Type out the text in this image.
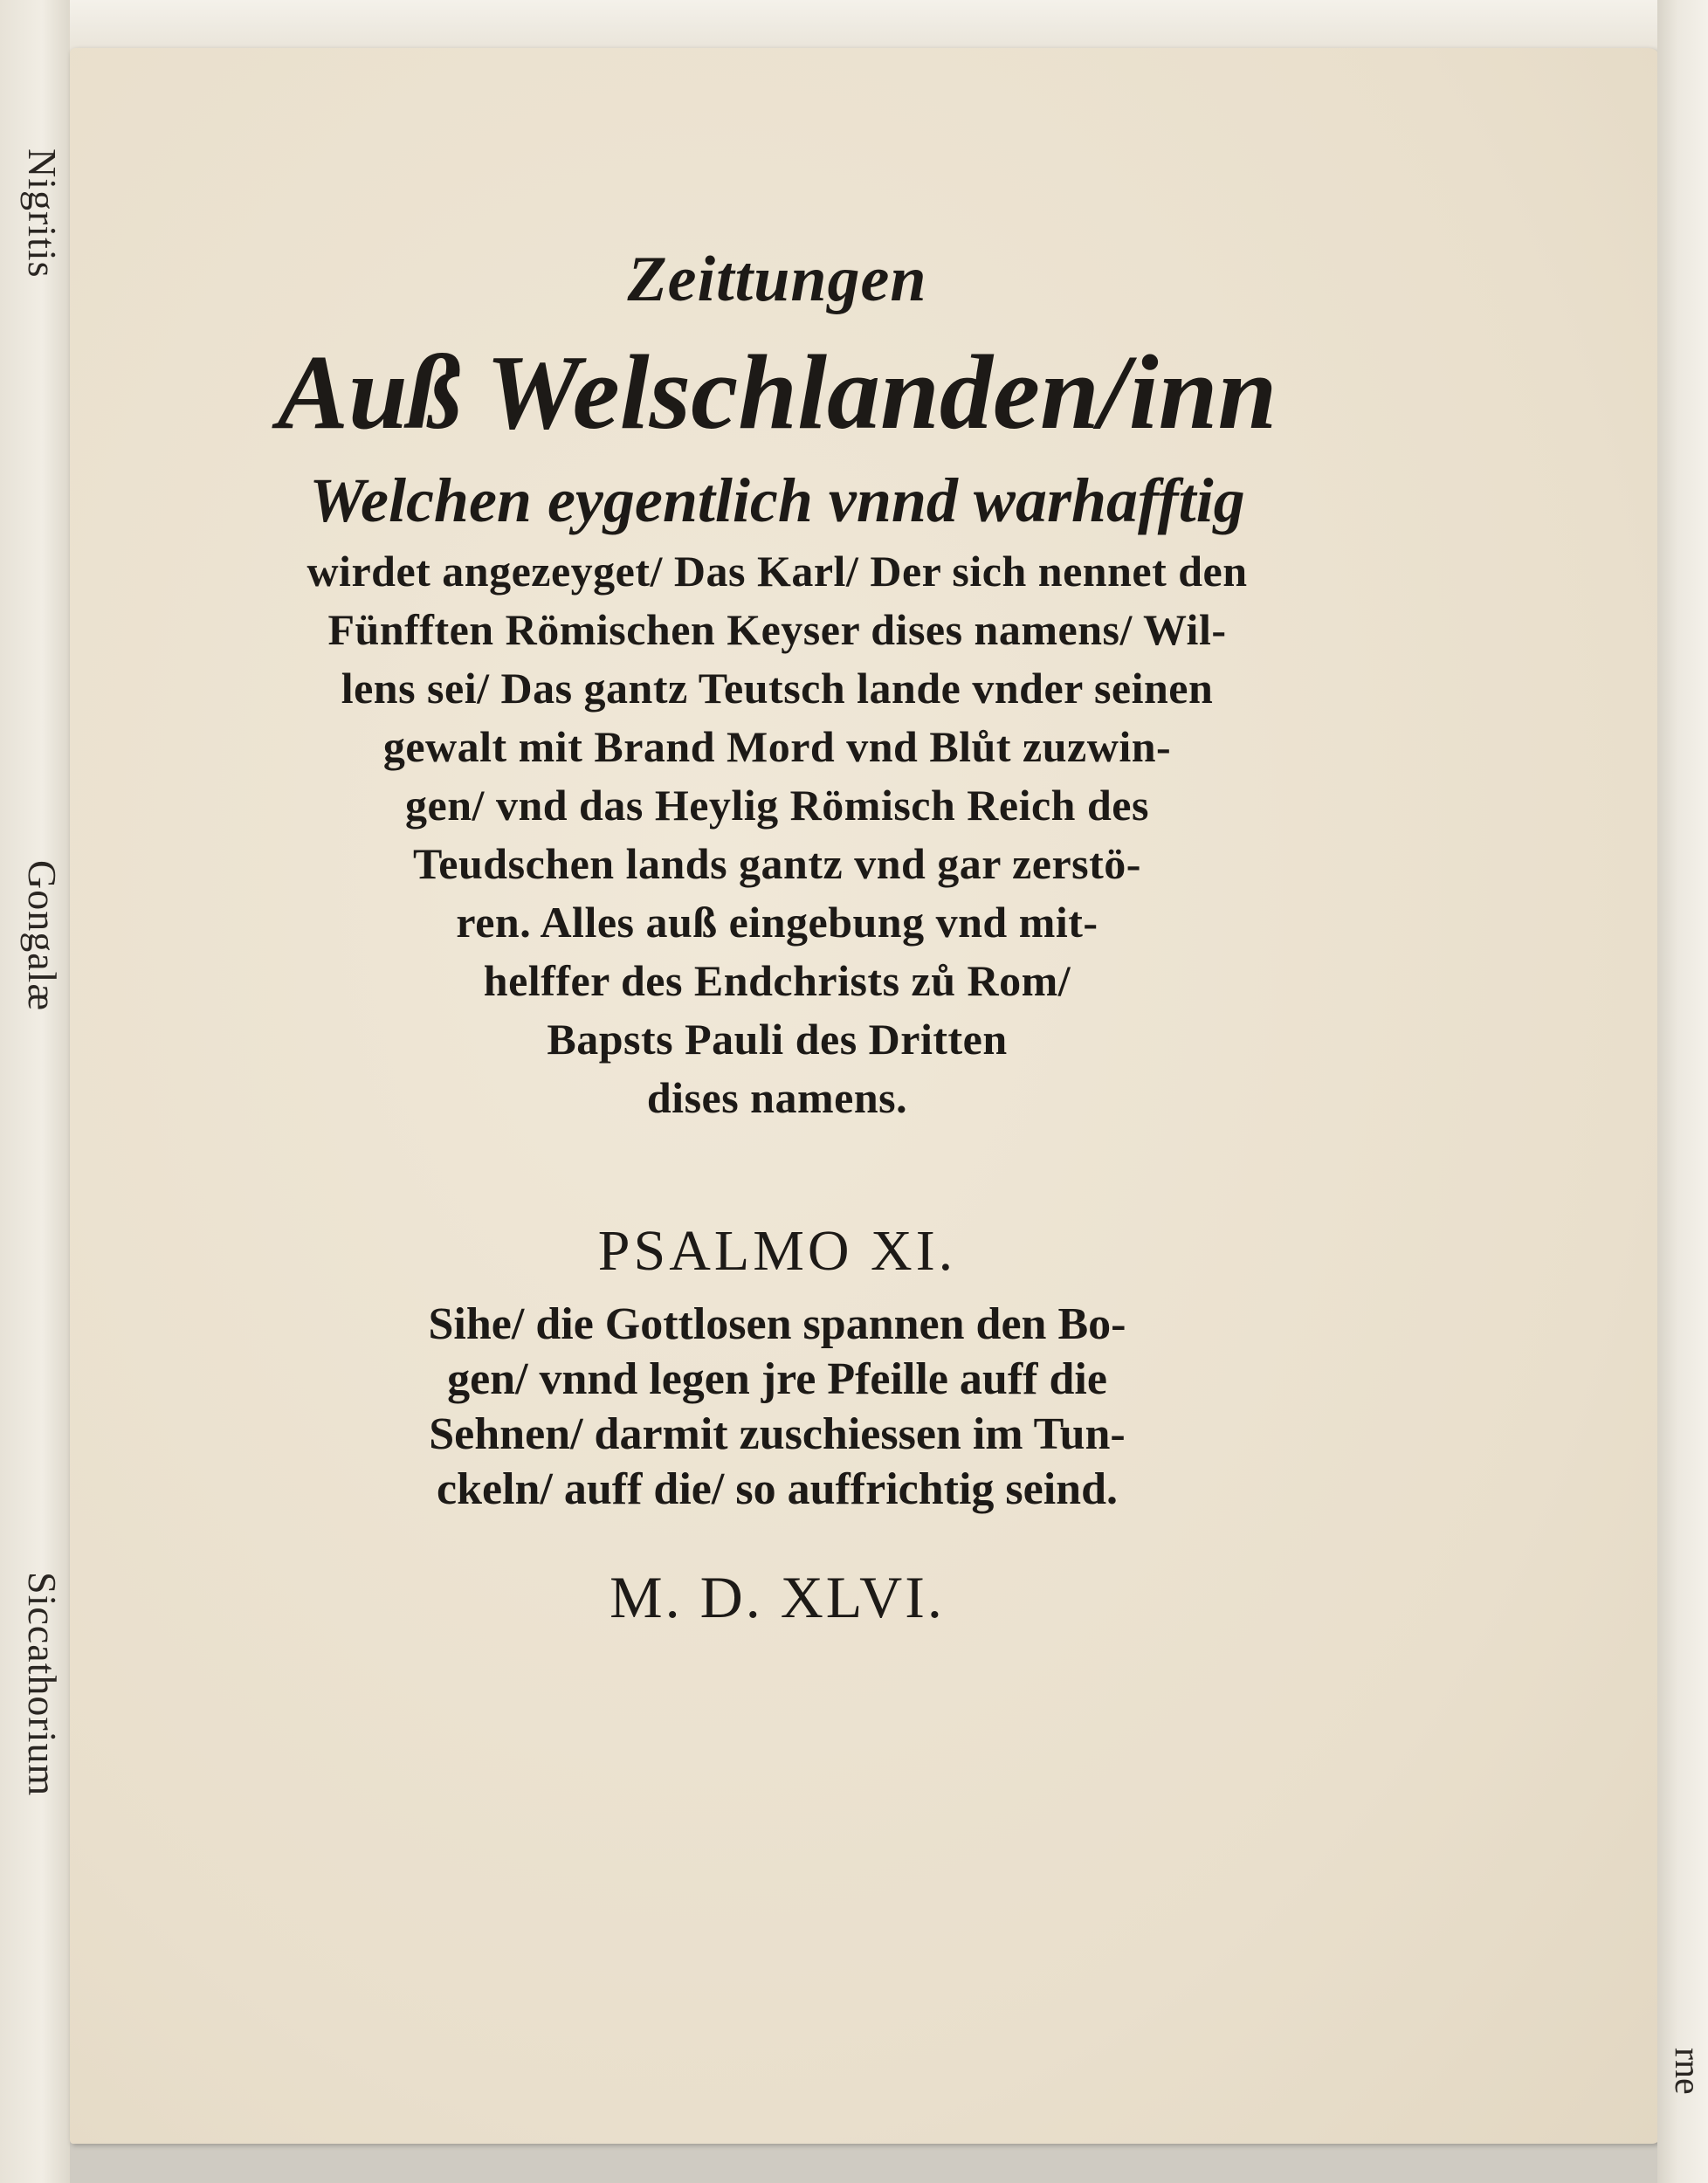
Nigritis
Gongalæ
Siccathorium

Zeittungen

Auß Welschlanden/inn

Welchen eygentlich vnnd warhafftig

wirdet angezeyget/ Das Karl/ Der sich nennet den

Fünfften Römischen Keyser dises namens/ Wil-

lens sei/ Das gantz Teutsch lande vnder seinen

gewalt mit Brand Mord vnd Blůt zuzwin-

gen/ vnd das Heylig Römisch Reich des

Teudschen lands gantz vnd gar zerstö-

ren. Alles auß eingebung vnd mit-

helffer des Endchrists zů Rom/

Bapsts Pauli des Dritten

dises namens.

PSALMO XI.

Sihe/ die Gottlosen spannen den Bo-

gen/ vnnd legen jre Pfeille auff die

Sehnen/ darmit zuschiessen im Tun-

ckeln/ auff die/ so auffrichtig seind.

M. D. XLVI.

rne
